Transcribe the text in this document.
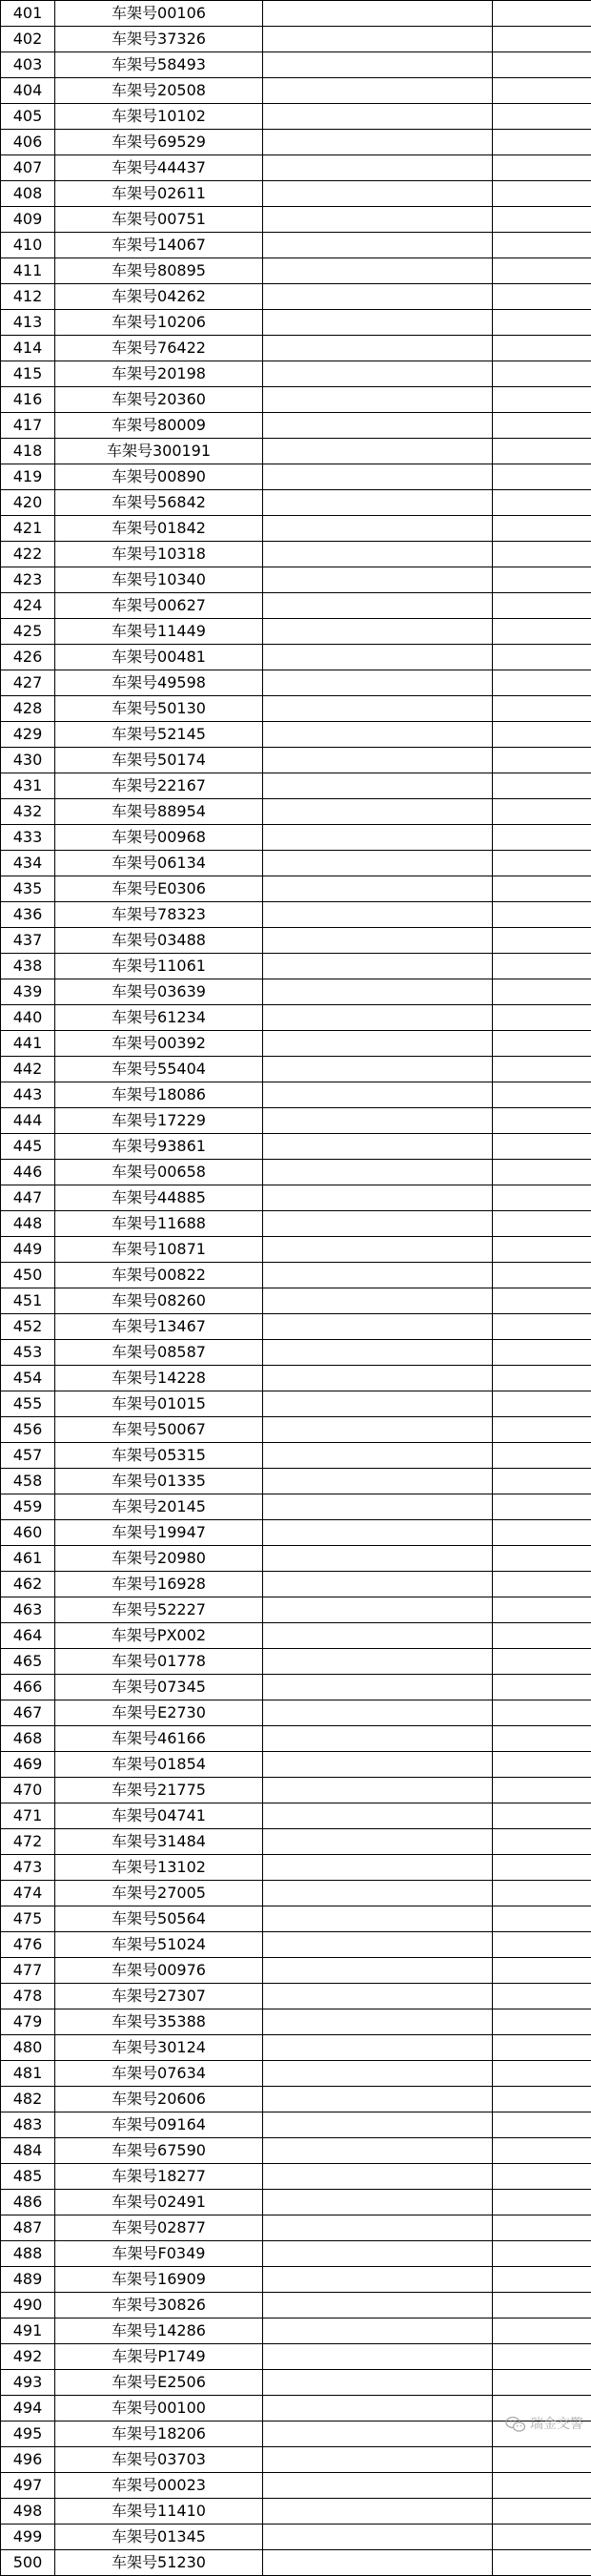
401	车架号00106		
402	车架号37326		
403	车架号58493		
404	车架号20508		
405	车架号10102		
406	车架号69529		
407	车架号44437		
408	车架号02611		
409	车架号00751		
410	车架号14067		
411	车架号80895		
412	车架号04262		
413	车架号10206		
414	车架号76422		
415	车架号20198		
416	车架号20360		
417	车架号80009		
418	车架号300191		
419	车架号00890		
420	车架号56842		
421	车架号01842		
422	车架号10318		
423	车架号10340		
424	车架号00627		
425	车架号11449		
426	车架号00481		
427	车架号49598		
428	车架号50130		
429	车架号52145		
430	车架号50174		
431	车架号22167		
432	车架号88954		
433	车架号00968		
434	车架号06134		
435	车架号E0306		
436	车架号78323		
437	车架号03488		
438	车架号11061		
439	车架号03639		
440	车架号61234		
441	车架号00392		
442	车架号55404		
443	车架号18086		
444	车架号17229		
445	车架号93861		
446	车架号00658		
447	车架号44885		
448	车架号11688		
449	车架号10871		
450	车架号00822		
451	车架号08260		
452	车架号13467		
453	车架号08587		
454	车架号14228		
455	车架号01015		
456	车架号50067		
457	车架号05315		
458	车架号01335		
459	车架号20145		
460	车架号19947		
461	车架号20980		
462	车架号16928		
463	车架号52227		
464	车架号PX002		
465	车架号01778		
466	车架号07345		
467	车架号E2730		
468	车架号46166		
469	车架号01854		
470	车架号21775		
471	车架号04741		
472	车架号31484		
473	车架号13102		
474	车架号27005		
475	车架号50564		
476	车架号51024		
477	车架号00976		
478	车架号27307		
479	车架号35388		
480	车架号30124		
481	车架号07634		
482	车架号20606		
483	车架号09164		
484	车架号67590		
485	车架号18277		
486	车架号02491		
487	车架号02877		
488	车架号F0349		
489	车架号16909		
490	车架号30826		
491	车架号14286		
492	车架号P1749		
493	车架号E2506		
494	车架号00100		
495	车架号18206		
496	车架号03703		
497	车架号00023		
498	车架号11410		
499	车架号01345		
500	车架号51230		
瑞金交警
